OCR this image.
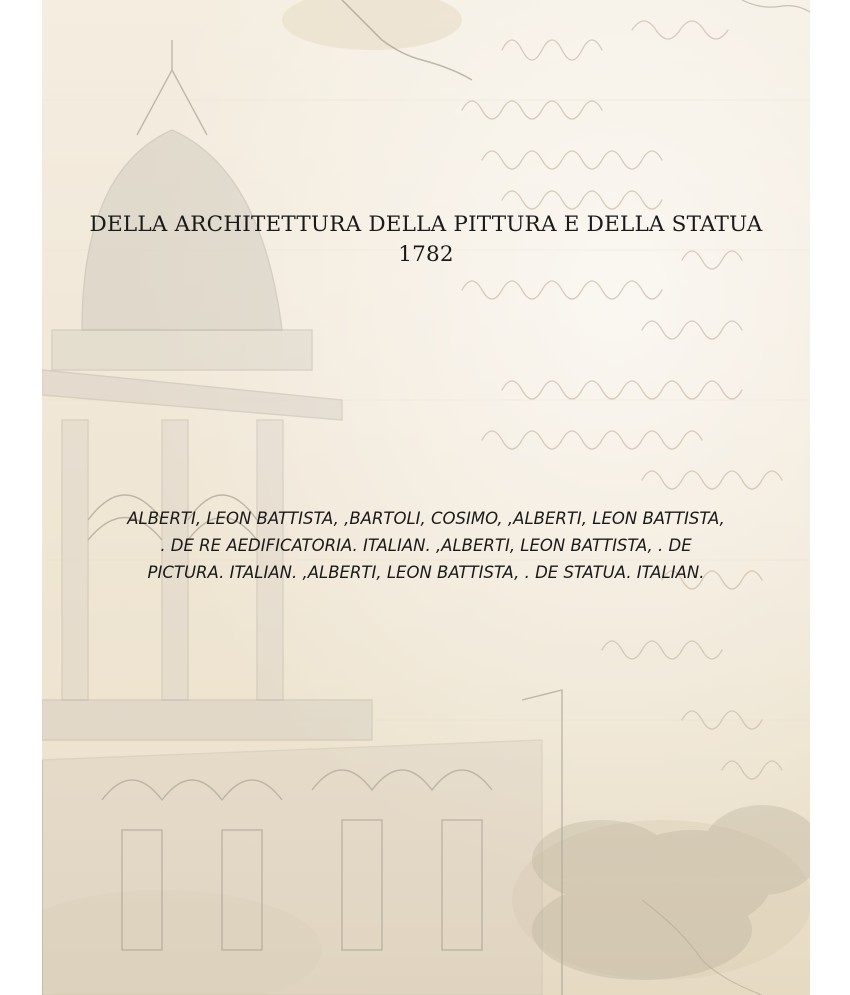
DELLA ARCHITETTURA DELLA PITTURA E DELLA STATUA 1782
ALBERTI, LEON BATTISTA, ,BARTOLI, COSIMO, ,ALBERTI, LEON BATTISTA, . DE RE AEDIFICATORIA. ITALIAN. ,ALBERTI, LEON BATTISTA, . DE PICTURA. ITALIAN. ,ALBERTI, LEON BATTISTA, . DE STATUA. ITALIAN.
